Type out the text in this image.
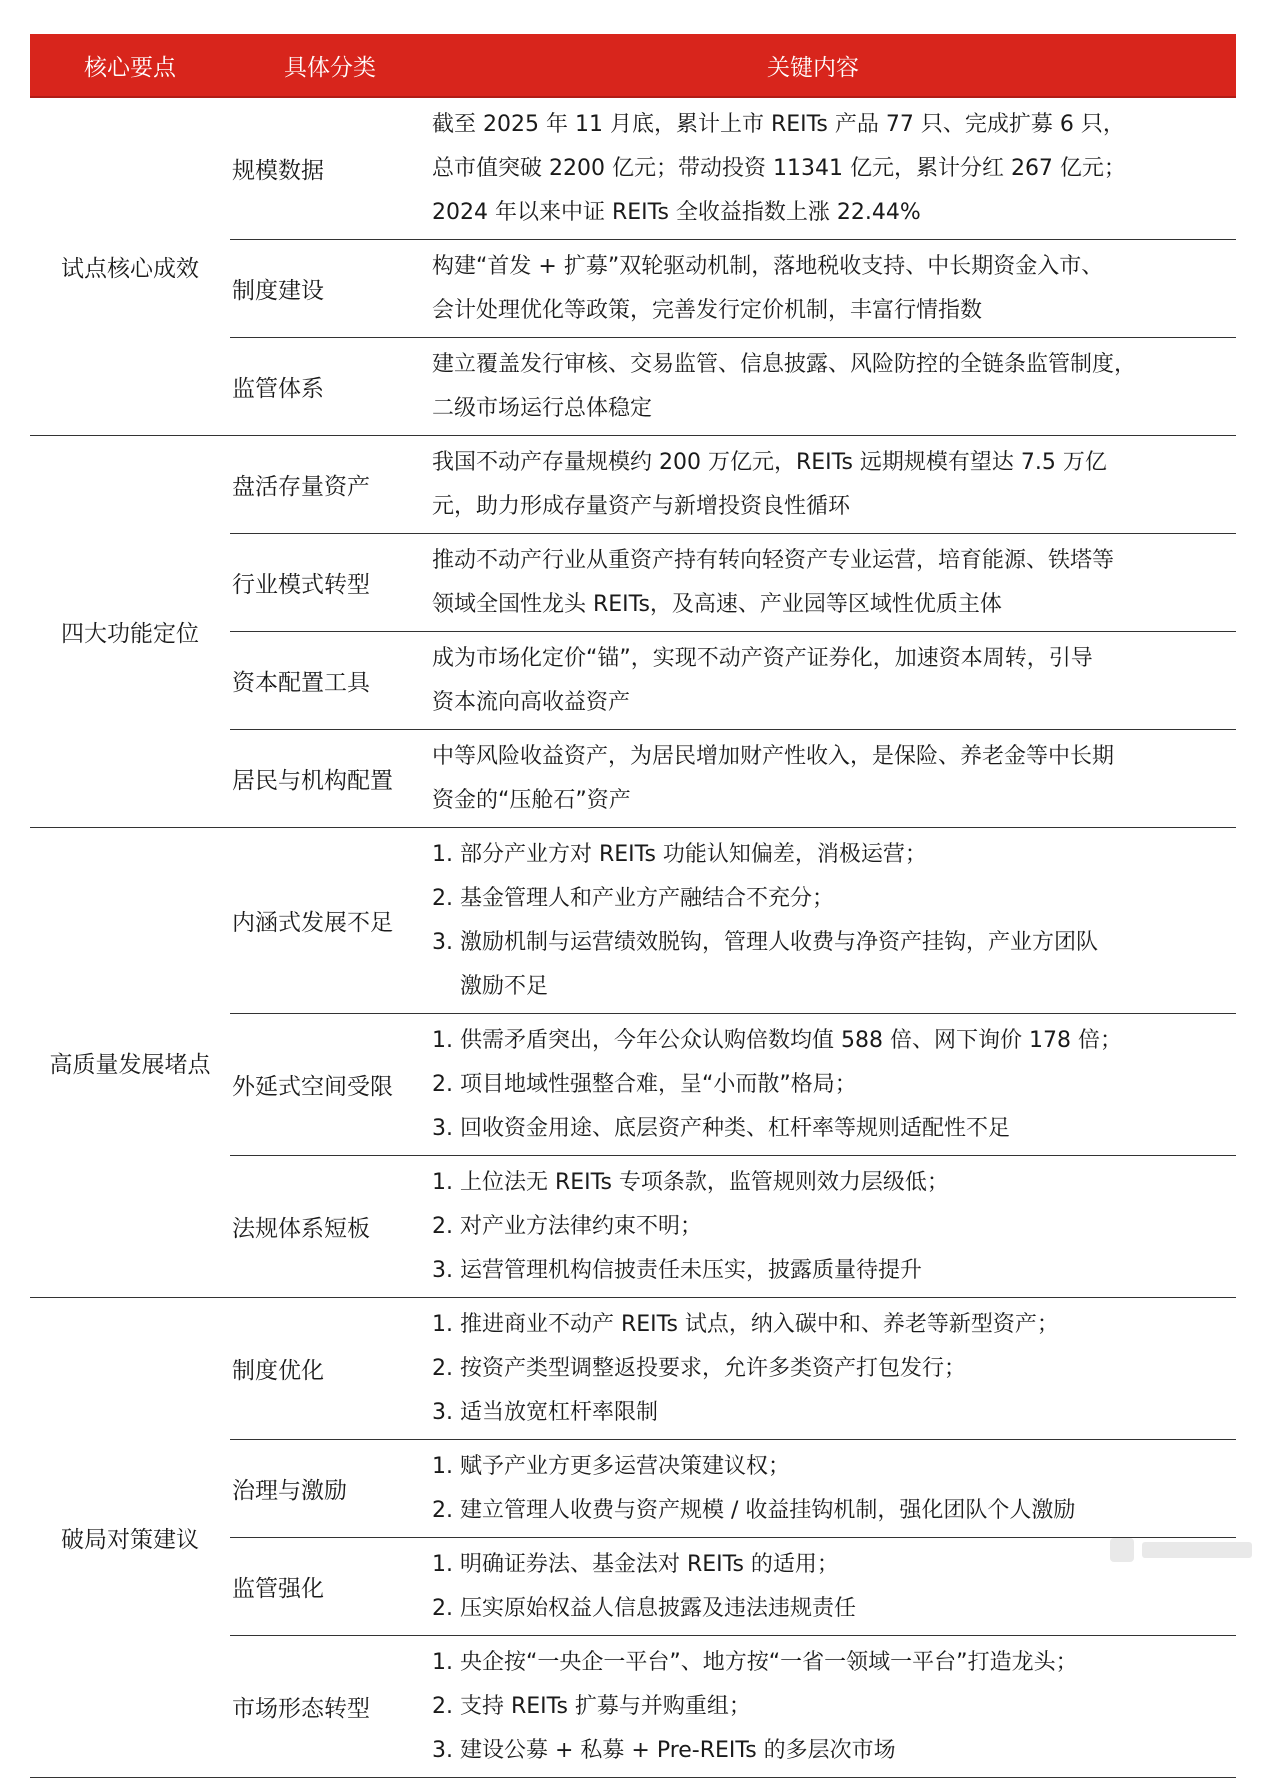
核心要点	具体分类	关键内容
试点核心成效
规模数据
截至 2025 年 11 月底，累计上市 REITs 产品 77 只、完成扩募 6 只，
总市值突破 2200 亿元；带动投资 11341 亿元，累计分红 267 亿元；
2024 年以来中证 REITs 全收益指数上涨 22.44%
制度建设
构建“首发 + 扩募”双轮驱动机制，落地税收支持、中长期资金入市、
会计处理优化等政策，完善发行定价机制，丰富行情指数
监管体系
建立覆盖发行审核、交易监管、信息披露、风险防控的全链条监管制度，
二级市场运行总体稳定
四大功能定位
盘活存量资产
我国不动产存量规模约 200 万亿元，REITs 远期规模有望达 7.5 万亿
元，助力形成存量资产与新增投资良性循环
行业模式转型
推动不动产行业从重资产持有转向轻资产专业运营，培育能源、铁塔等
领域全国性龙头 REITs，及高速、产业园等区域性优质主体
资本配置工具
成为市场化定价“锚”，实现不动产资产证券化，加速资本周转，引导
资本流向高收益资产
居民与机构配置
中等风险收益资产，为居民增加财产性收入，是保险、养老金等中长期
资金的“压舱石”资产
高质量发展堵点
内涵式发展不足
1. 部分产业方对 REITs 功能认知偏差，消极运营；
2. 基金管理人和产业方产融结合不充分；
3. 激励机制与运营绩效脱钩，管理人收费与净资产挂钩，产业方团队
激励不足
外延式空间受限
1. 供需矛盾突出，今年公众认购倍数均值 588 倍、网下询价 178 倍；
2. 项目地域性强整合难，呈“小而散”格局；
3. 回收资金用途、底层资产种类、杠杆率等规则适配性不足
法规体系短板
1. 上位法无 REITs 专项条款，监管规则效力层级低；
2. 对产业方法律约束不明；
3. 运营管理机构信披责任未压实，披露质量待提升
破局对策建议
制度优化
1. 推进商业不动产 REITs 试点，纳入碳中和、养老等新型资产；
2. 按资产类型调整返投要求，允许多类资产打包发行；
3. 适当放宽杠杆率限制
治理与激励
1. 赋予产业方更多运营决策建议权；
2. 建立管理人收费与资产规模 / 收益挂钩机制，强化团队个人激励
监管强化
1. 明确证券法、基金法对 REITs 的适用；
2. 压实原始权益人信息披露及违法违规责任
市场形态转型
1. 央企按“一央企一平台”、地方按“一省一领域一平台”打造龙头；
2. 支持 REITs 扩募与并购重组；
3. 建设公募 + 私募 + Pre-REITs 的多层次市场
